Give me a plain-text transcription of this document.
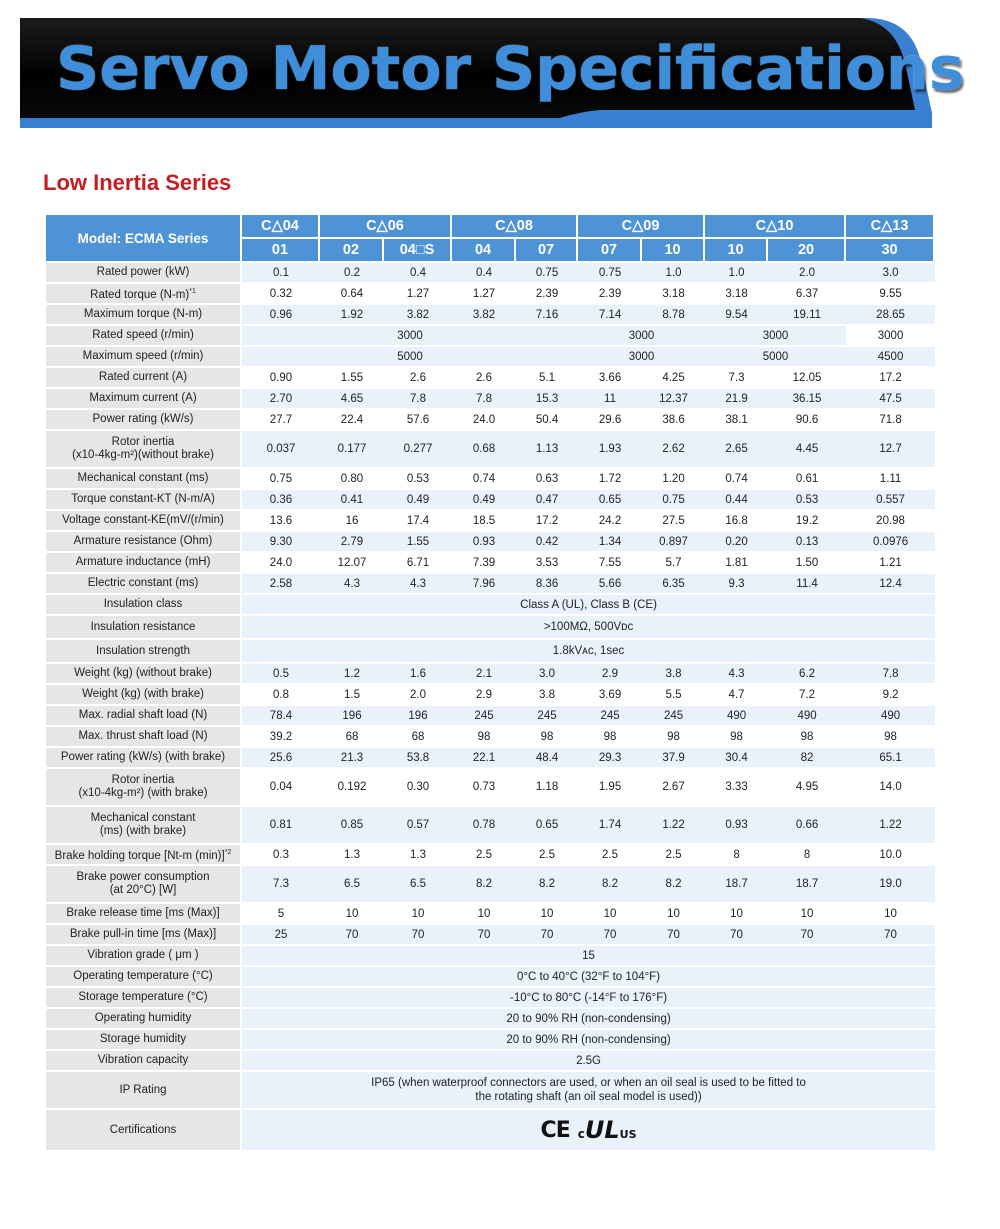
Servo Motor Specifications
Low Inertia Series
Model: ECMA Series	C△04	C△06		C△08		C△09		C△10		C△13
	01	02	04□S	04	07	07	10	10	20	30
Rated power (kW)	0.1	0.2	0.4	0.4	0.75	0.75	1.0	1.0	2.0	3.0
Rated torque $(N-m)^{*1}$	0.32	0.64	1.27	1.27	2.39	2.39	3.18	3.18	6.37	9.55
Maximum torque (N-m)	0.96	1.92	3.82	3.82	7.16	7.14	8.78	9.54	19.11	28.65
Rated speed (r/min)	3000					3000		3000		3000
Maximum speed (r/min)	5000					3000		5000		4500
Rated current (A)	0.90	1.55	2.6	2.6	5.1	3.66	4.25	7.3	12.05	17.2
Maximum current (A)	2.70	4.65	7.8	7.8	15.3	11	12.37	21.9	36.15	47.5
Power rating (kW/s)	27.7	22.4	57.6	24.0	50.4	29.6	38.6	38.1	90.6	71.8
Rotor inertia
(x10-4kg-m²)(without brake)	0.037	0.177	0.277	0.68	1.13	1.93	2.62	2.65	4.45	12.7
Mechanical constant (ms)	0.75	0.80	0.53	0.74	0.63	1.72	1.20	0.74	0.61	1.11
Torque constant-KT (N-m/A)	0.36	0.41	0.49	0.49	0.47	0.65	0.75	0.44	0.53	0.557
Voltage constant-KE(mV/(r/min)	13.6	16	17.4	18.5	17.2	24.2	27.5	16.8	19.2	20.98
Armature resistance (Ohm)	9.30	2.79	1.55	0.93	0.42	1.34	0.897	0.20	0.13	0.0976
Armature inductance (mH)	24.0	12.07	6.71	7.39	3.53	7.55	5.7	1.81	1.50	1.21
Electric constant (ms)	2.58	4.3	4.3	7.96	8.36	5.66	6.35	9.3	11.4	12.4
Insulation class	Class A (UL), Class B (CE)									
Insulation resistance	>100MΩ, 500Vᴅᴄ									
Insulation strength	1.8kVᴀᴄ, 1sec									
Weight (kg) (without brake)	0.5	1.2	1.6	2.1	3.0	2.9	3.8	4.3	6.2	7.8
Weight (kg) (with brake)	0.8	1.5	2.0	2.9	3.8	3.69	5.5	4.7	7.2	9.2
Max. radial shaft load (N)	78.4	196	196	245	245	245	245	490	490	490
Max. thrust shaft load (N)	39.2	68	68	98	98	98	98	98	98	98
Power rating (kW/s) (with brake)	25.6	21.3	53.8	22.1	48.4	29.3	37.9	30.4	82	65.1
Rotor inertia
(x10-4kg-m²) (with brake)	0.04	0.192	0.30	0.73	1.18	1.95	2.67	3.33	4.95	14.0
Mechanical constant
(ms) (with brake)	0.81	0.85	0.57	0.78	0.65	1.74	1.22	0.93	0.66	1.22
Brake holding torque [Nt-m (min)]$^{*2}$	0.3	1.3	1.3	2.5	2.5	2.5	2.5	8	8	10.0
Brake power consumption
(at 20°C) [W]	7.3	6.5	6.5	8.2	8.2	8.2	8.2	18.7	18.7	19.0
Brake release time [ms (Max)]	5	10	10	10	10	10	10	10	10	10
Brake pull-in time [ms (Max)]	25	70	70	70	70	70	70	70	70	70
Vibration grade ( μm )	15									
Operating temperature (°C)	0°C to 40°C (32°F to 104°F)									
Storage temperature (°C)	-10°C to 80°C (-14°F to 176°F)									
Operating humidity	20 to 90% RH (non-condensing)									
Storage humidity	20 to 90% RH (non-condensing)									
Vibration capacity	2.5G									
IP Rating	IP65 (when waterproof connectors are used, or when an oil seal is used to be fitted to
the rotating shaft (an oil seal model is used))									
Certifications	CE cULUS									
